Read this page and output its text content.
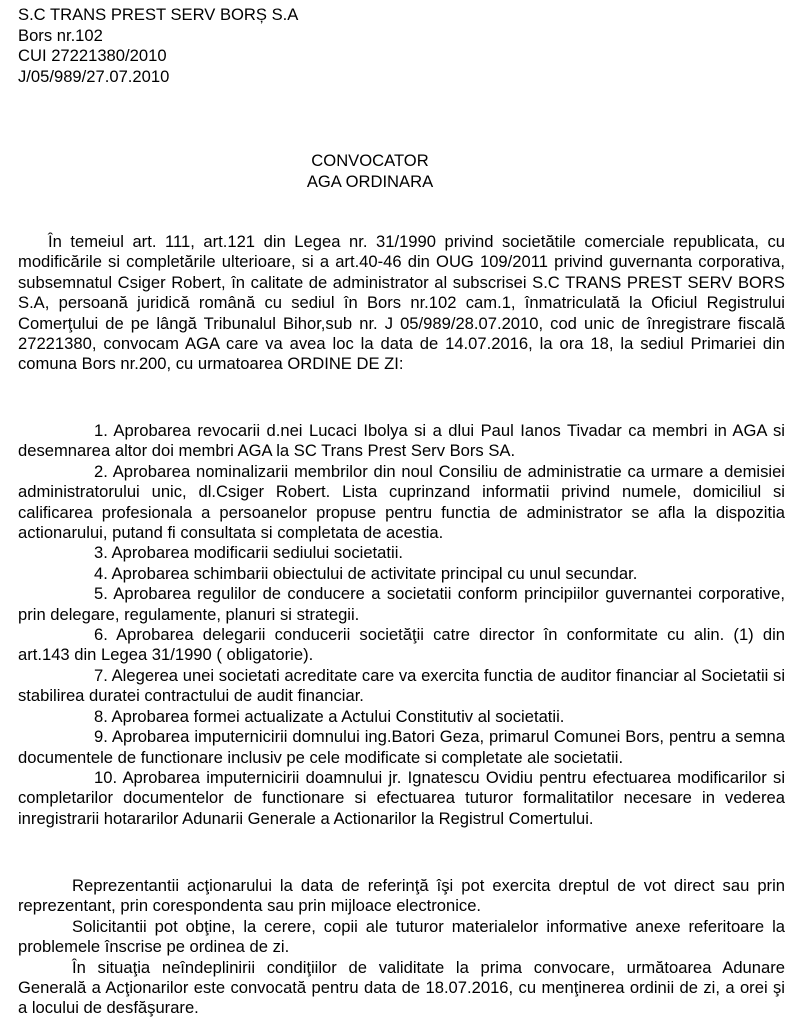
S.C TRANS PREST SERV BORȘ S.A
Bors nr.102
CUI 27221380/2010
J/05/989/27.07.2010
CONVOCATOR
AGA ORDINARA

În temeiul art. 111, art.121 din Legea nr. 31/1990 privind societătile comerciale republicata, cu modificările si completările ulterioare, si a art.40-46 din OUG 109/2011 privind guvernanta corporativa, subsemnatul Csiger Robert, în calitate de administrator al subscrisei S.C TRANS PREST SERV BORS S.A, persoană juridică română cu sediul în Bors nr.102 cam.1, înmatriculată la Oficiul Registrului Comerţului de pe lângă Tribunalul Bihor,sub nr. J 05/989/28.07.2010, cod unic de înregistrare fiscală 27221380, convocam AGA care va avea loc la data de 14.07.2016, la ora 18, la sediul Primariei din comuna Bors nr.200, cu urmatoarea ORDINE DE ZI:

1. Aprobarea revocarii d.nei Lucaci Ibolya si a dlui Paul Ianos Tivadar ca membri in AGA si desemnarea altor doi membri AGA la SC Trans Prest Serv Bors SA.

2. Aprobarea nominalizarii membrilor din noul Consiliu de administratie ca urmare a demisiei administratorului unic, dl.Csiger Robert. Lista cuprinzand informatii privind numele, domiciliul si calificarea profesionala a persoanelor propuse pentru functia de administrator se afla la dispozitia actionarului, putand fi consultata si completata de acestia.

3. Aprobarea modificarii sediului societatii.

4. Aprobarea schimbarii obiectului de activitate principal cu unul secundar.

5. Aprobarea regulilor de conducere a societatii conform principiilor guvernantei corporative, prin delegare, regulamente, planuri si strategii.

6. Aprobarea delegarii conducerii societăţii catre director în conformitate cu alin. (1) din art.143 din Legea 31/1990 ( obligatorie).

7. Alegerea unei societati acreditate care va exercita functia de auditor financiar al Societatii si stabilirea duratei contractului de audit financiar.

8. Aprobarea formei actualizate a Actului Constitutiv al societatii.

9. Aprobarea imputernicirii domnului ing.Batori Geza, primarul Comunei Bors, pentru a semna documentele de functionare inclusiv pe cele modificate si completate ale societatii.

10. Aprobarea imputernicirii doamnului jr. Ignatescu Ovidiu pentru efectuarea modificarilor si completarilor documentelor de functionare si efectuarea tuturor formalitatilor necesare in vederea inregistrarii hotararilor Adunarii Generale a Actionarilor la Registrul Comertului.

Reprezentantii acţionarului la data de referinţă îşi pot exercita dreptul de vot direct sau prin reprezentant, prin corespondenta sau prin mijloace electronice.

Solicitantii pot obţine, la cerere, copii ale tuturor materialelor informative anexe referitoare la problemele înscrise pe ordinea de zi.

În situaţia neîndeplinirii condiţiilor de validitate la prima convocare, următoarea Adunare Generală a Acţionarilor este convocată pentru data de 18.07.2016, cu menţinerea ordinii de zi, a orei şi a locului de desfăşurare.
